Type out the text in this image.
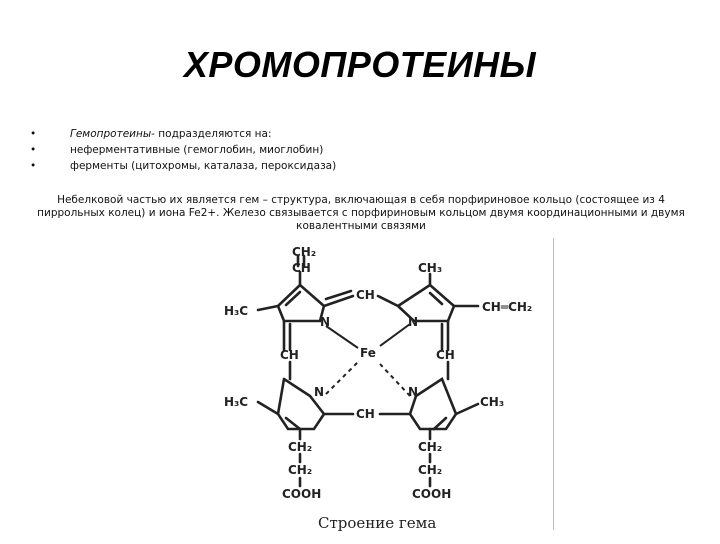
ХРОМОПРОТЕИНЫ
•	Гемопротеины- подразделяются на:
•	неферментативные (гемоглобин, миоглобин)
•	ферменты (цитохромы, каталаза, пероксидаза)
Небелковой частью их является гем – структура, включающая в себя порфириновое кольцо (состоящее из 4 пиррольных колец) и иона Fe2+. Железо связывается с порфириновым кольцом двумя координационными и двумя ковалентными связями
CH₂
CH	CH₃
H₃C
CH
N	N
CH═CH₂
Fe
CH	CH
H₃C
N	N
CH₃
CH
CH₂
CH₂
COOH
CH₂
CH₂
COOH
Строение гема
